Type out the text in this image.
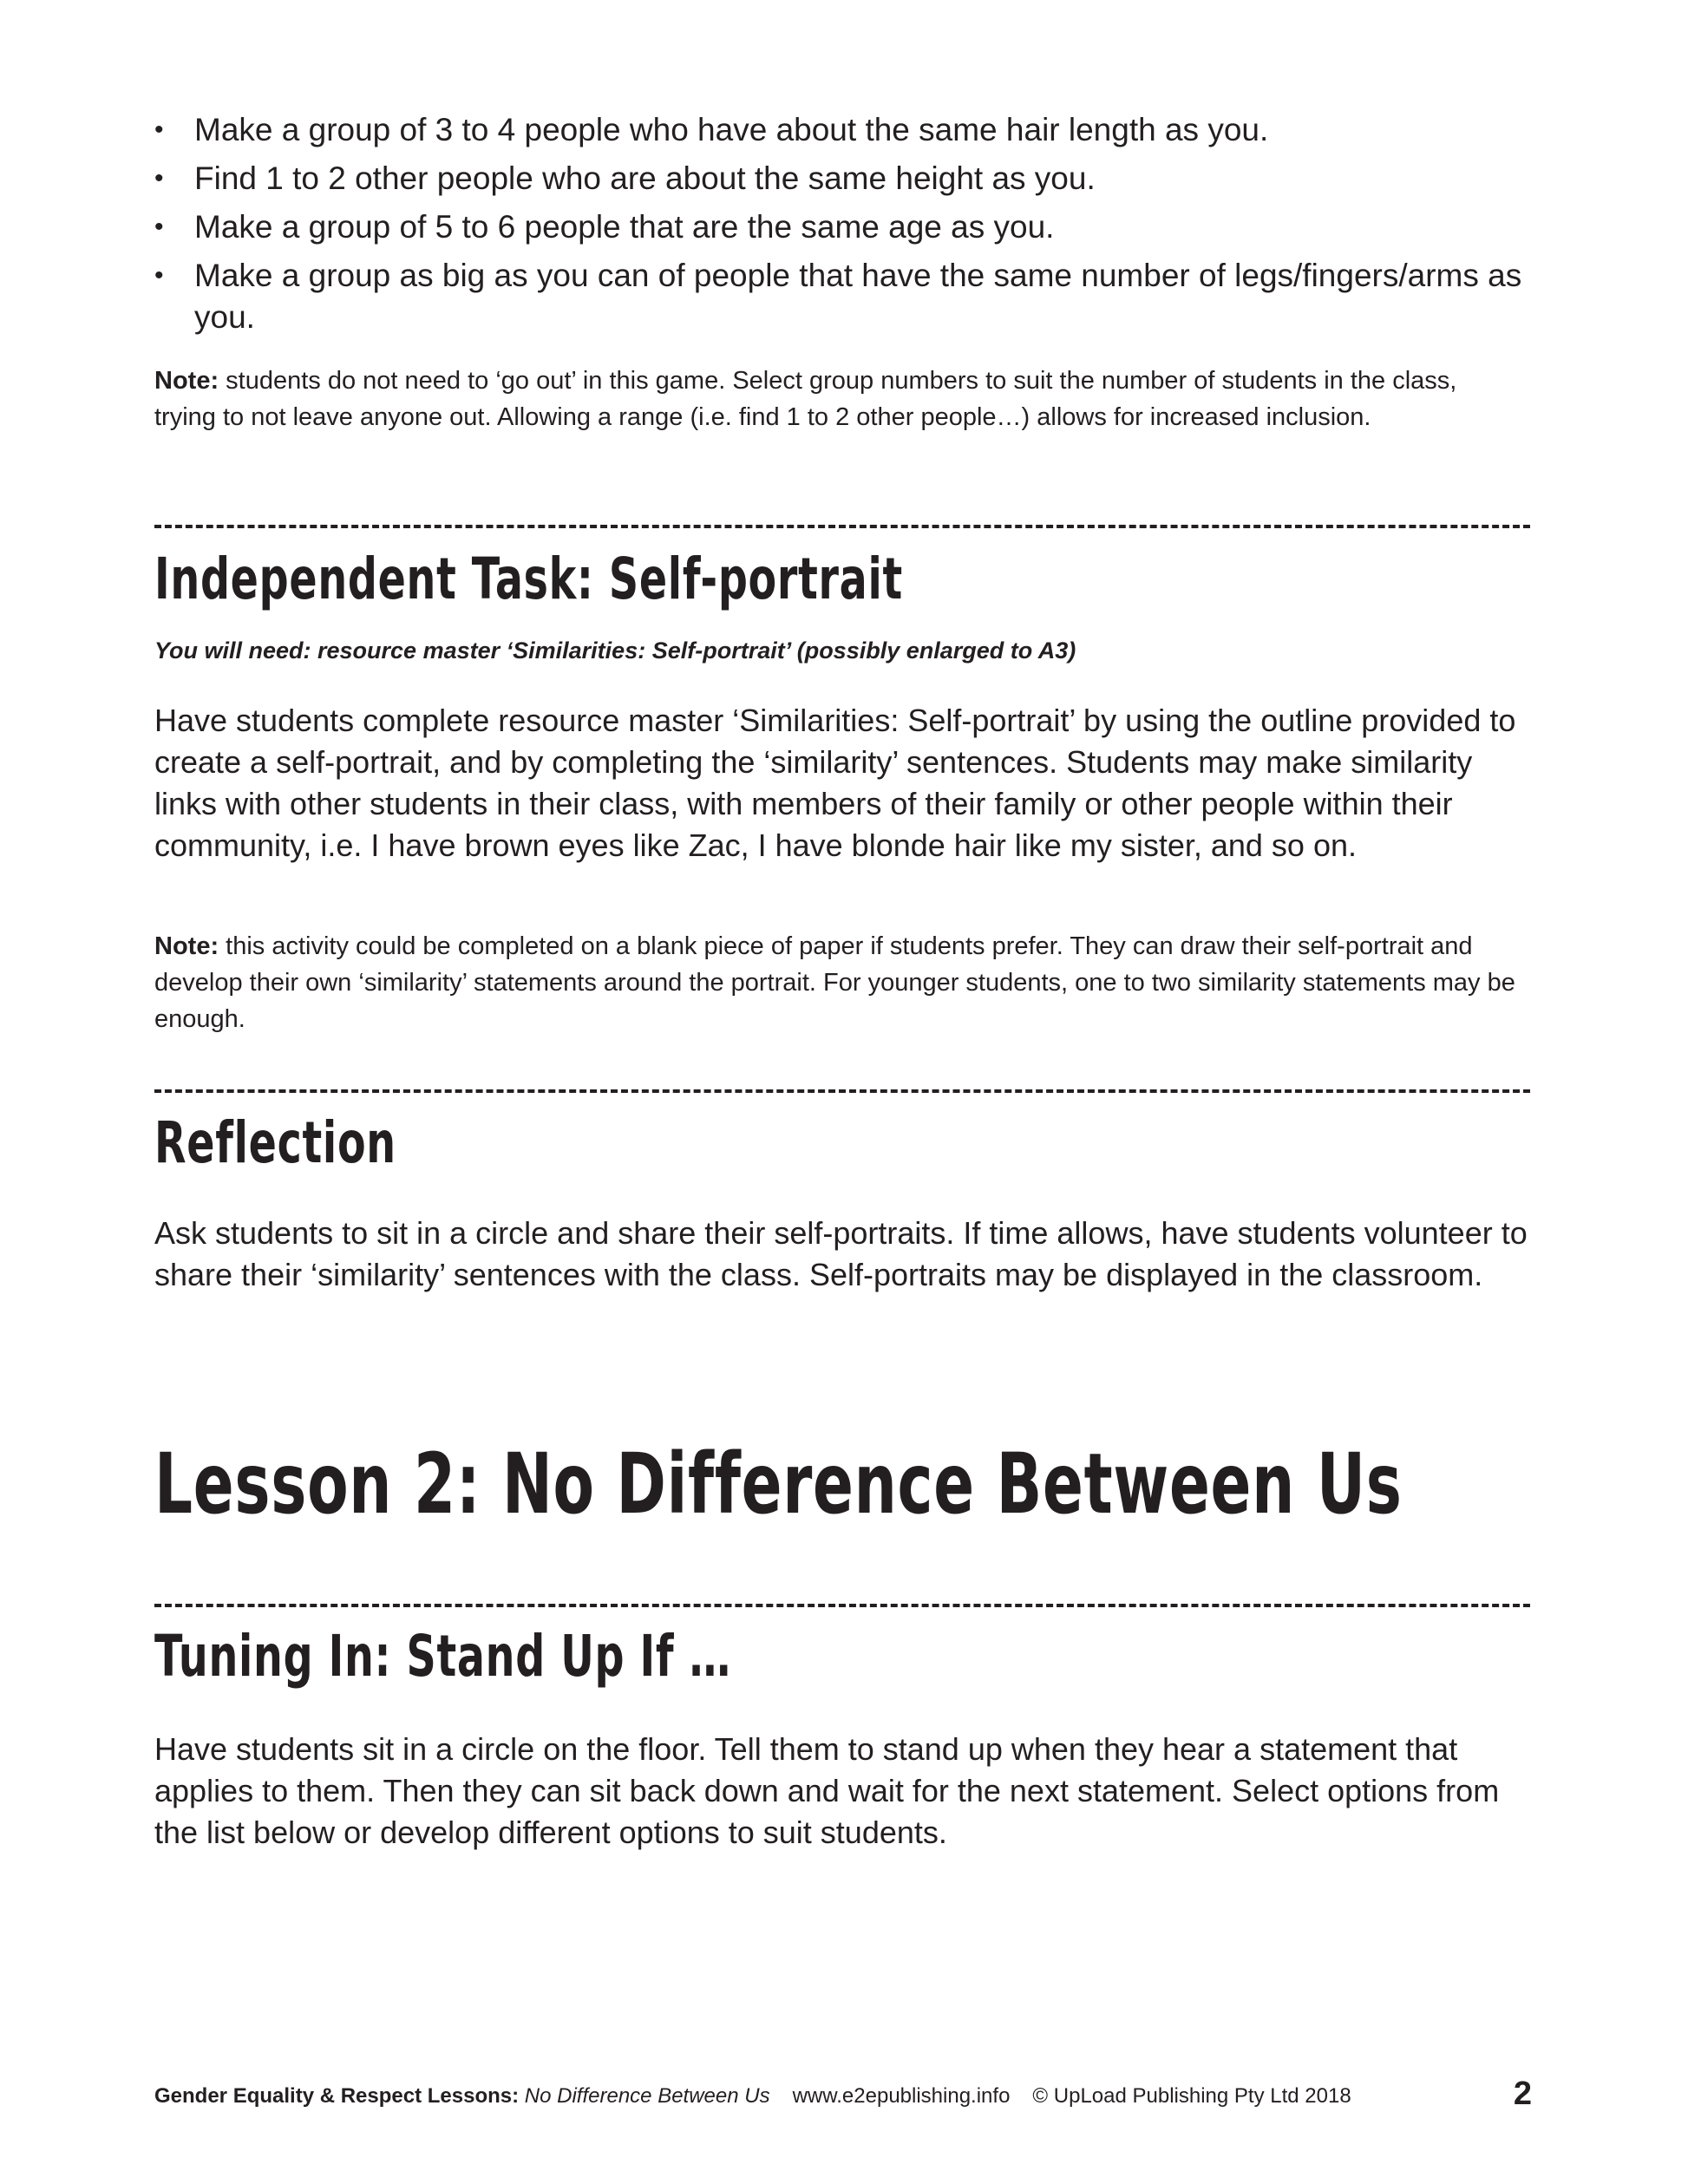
• Make a group of 3 to 4 people who have about the same hair length as you.
• Find 1 to 2 other people who are about the same height as you.
• Make a group of 5 to 6 people that are the same age as you.
• Make a group as big as you can of people that have the same number of legs/fingers/arms as you.

Note: students do not need to ‘go out’ in this game. Select group numbers to suit the number of students in the class, trying to not leave anyone out. Allowing a range (i.e. find 1 to 2 other people…) allows for increased inclusion.

Independent Task: Self-portrait

You will need: resource master ‘Similarities: Self-portrait’ (possibly enlarged to A3)

Have students complete resource master ‘Similarities: Self-portrait’ by using the outline provided to create a self-portrait, and by completing the ‘similarity’ sentences. Students may make similarity links with other students in their class, with members of their family or other people within their community, i.e. I have brown eyes like Zac, I have blonde hair like my sister, and so on.

Note: this activity could be completed on a blank piece of paper if students prefer. They can draw their self-portrait and develop their own ‘similarity’ statements around the portrait. For younger students, one to two similarity statements may be enough.

Reflection

Ask students to sit in a circle and share their self-portraits. If time allows, have students volunteer to share their ‘similarity’ sentences with the class. Self-portraits may be displayed in the classroom.

Lesson 2: No Difference Between Us
Tuning In: Stand Up If …

Have students sit in a circle on the floor. Tell them to stand up when they hear a statement that applies to them. Then they can sit back down and wait for the next statement. Select options from the list below or develop different options to suit students.

Gender Equality & Respect Lessons: No Difference Between Us www.e2epublishing.info © UpLoad Publishing Pty Ltd 2018	2
